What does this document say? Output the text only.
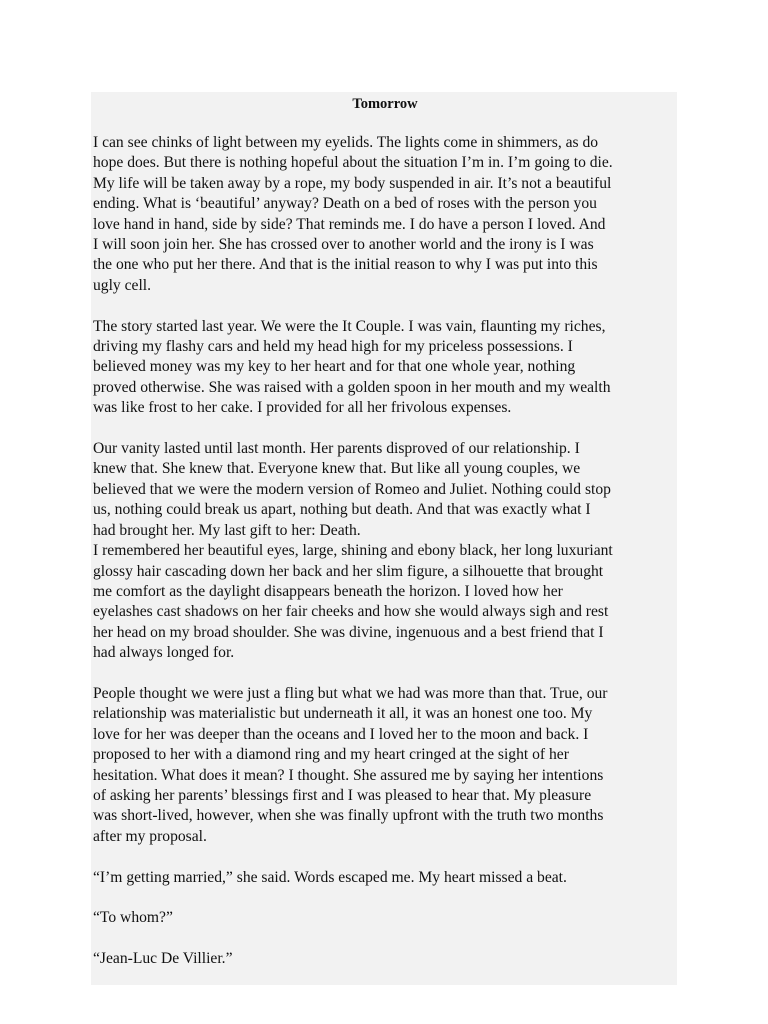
Tomorrow

I can see chinks of light between my eyelids. The lights come in shimmers, as do
hope does. But there is nothing hopeful about the situation I’m in. I’m going to die.
My life will be taken away by a rope, my body suspended in air. It’s not a beautiful
ending. What is ‘beautiful’ anyway? Death on a bed of roses with the person you
love hand in hand, side by side? That reminds me. I do have a person I loved. And
I will soon join her. She has crossed over to another world and the irony is I was
the one who put her there. And that is the initial reason to why I was put into this
ugly cell.

The story started last year. We were the It Couple. I was vain, flaunting my riches,
driving my flashy cars and held my head high for my priceless possessions. I
believed money was my key to her heart and for that one whole year, nothing
proved otherwise. She was raised with a golden spoon in her mouth and my wealth
was like frost to her cake. I provided for all her frivolous expenses.

Our vanity lasted until last month. Her parents disproved of our relationship. I
knew that. She knew that. Everyone knew that. But like all young couples, we
believed that we were the modern version of Romeo and Juliet. Nothing could stop
us, nothing could break us apart, nothing but death. And that was exactly what I
had brought her. My last gift to her: Death.

I remembered her beautiful eyes, large, shining and ebony black, her long luxuriant
glossy hair cascading down her back and her slim figure, a silhouette that brought
me comfort as the daylight disappears beneath the horizon. I loved how her
eyelashes cast shadows on her fair cheeks and how she would always sigh and rest
her head on my broad shoulder. She was divine, ingenuous and a best friend that I
had always longed for.

People thought we were just a fling but what we had was more than that. True, our
relationship was materialistic but underneath it all, it was an honest one too. My
love for her was deeper than the oceans and I loved her to the moon and back. I
proposed to her with a diamond ring and my heart cringed at the sight of her
hesitation. What does it mean? I thought. She assured me by saying her intentions
of asking her parents’ blessings first and I was pleased to hear that. My pleasure
was short-lived, however, when she was finally upfront with the truth two months
after my proposal.

“I’m getting married,” she said. Words escaped me. My heart missed a beat.

“To whom?”

“Jean-Luc De Villier.”
